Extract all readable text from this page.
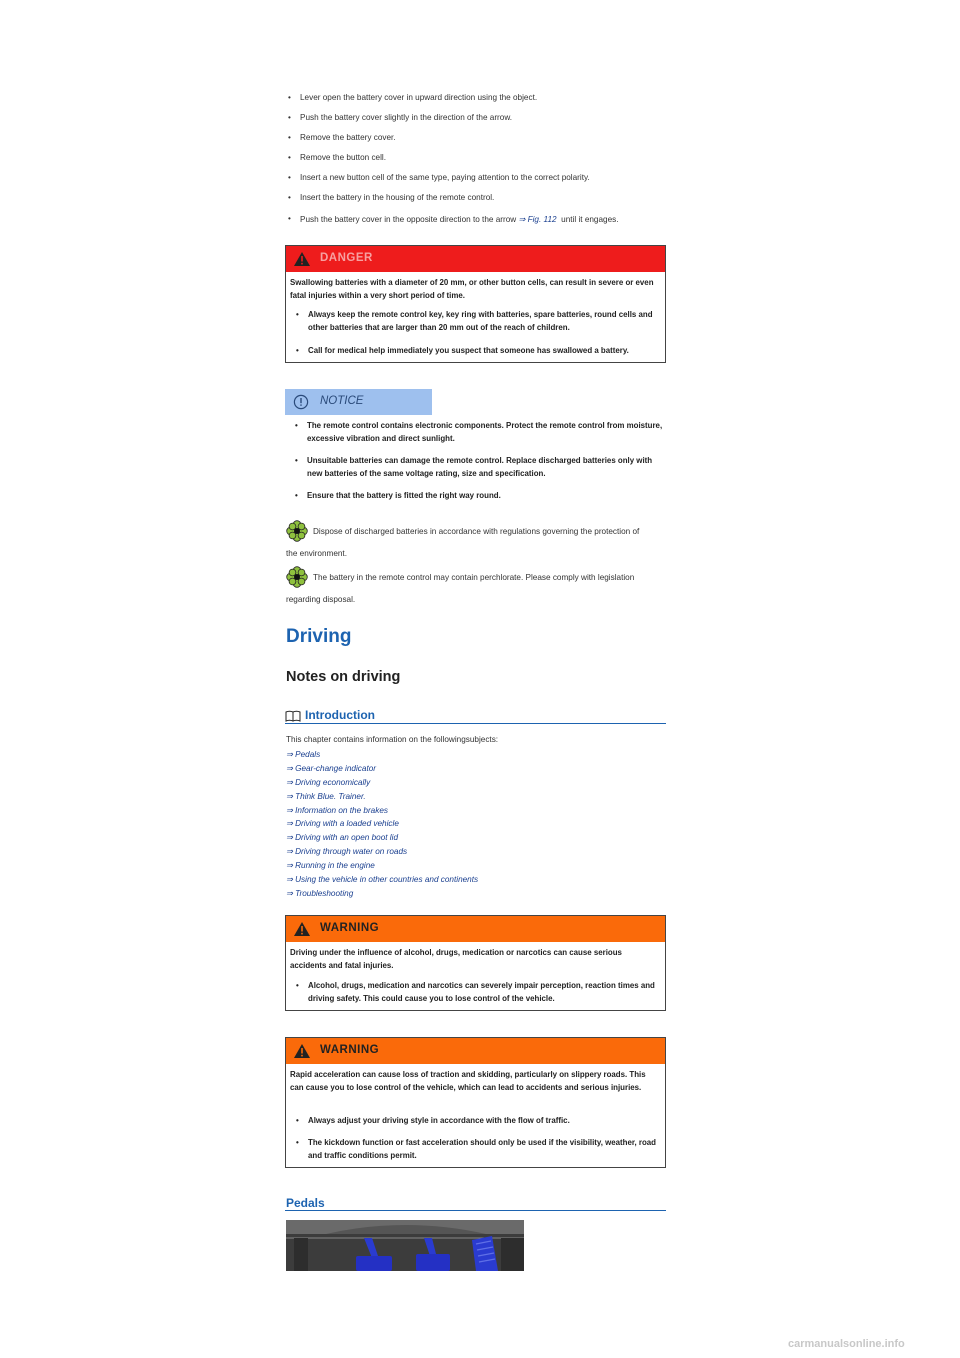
• Lever open the battery cover in upward direction using the object.
• Push the battery cover slightly in the direction of the arrow.
• Remove the battery cover.
• Remove the button cell.
• Insert a new button cell of the same type, paying attention to the correct polarity.
• Insert the battery in the housing of the remote control.
• Push the battery cover in the opposite direction to the arrow ⇒ Fig. 112 until it engages.
DANGER
Swallowing batteries with a diameter of 20 mm, or other button cells, can result in severe or even fatal injuries within a very short period of time.
• Always keep the remote control key, key ring with batteries, spare batteries, round cells and other batteries that are larger than 20 mm out of the reach of children.
• Call for medical help immediately you suspect that someone has swallowed a battery.
NOTICE
• The remote control contains electronic components. Protect the remote control from moisture, excessive vibration and direct sunlight.
• Unsuitable batteries can damage the remote control. Replace discharged batteries only with new batteries of the same voltage rating, size and specification.
• Ensure that the battery is fitted the right way round.
Dispose of discharged batteries in accordance with regulations governing the protection of
the environment.
The battery in the remote control may contain perchlorate. Please comply with legislation
regarding disposal.
Driving
Notes on driving
Introduction
This chapter contains information on the followingsubjects:
⇒ Pedals
⇒ Gear-change indicator
⇒ Driving economically
⇒ Think Blue. Trainer.
⇒ Information on the brakes
⇒ Driving with a loaded vehicle
⇒ Driving with an open boot lid
⇒ Driving through water on roads
⇒ Running in the engine
⇒ Using the vehicle in other countries and continents
⇒ Troubleshooting
WARNING
Driving under the influence of alcohol, drugs, medication or narcotics can cause serious accidents and fatal injuries.
• Alcohol, drugs, medication and narcotics can severely impair perception, reaction times and driving safety. This could cause you to lose control of the vehicle.
WARNING
Rapid acceleration can cause loss of traction and skidding, particularly on slippery roads. This can cause you to lose control of the vehicle, which can lead to accidents and serious injuries.
• Always adjust your driving style in accordance with the flow of traffic.
• The kickdown function or fast acceleration should only be used if the visibility, weather, road and traffic conditions permit.
Pedals
carmanualsonline.info
